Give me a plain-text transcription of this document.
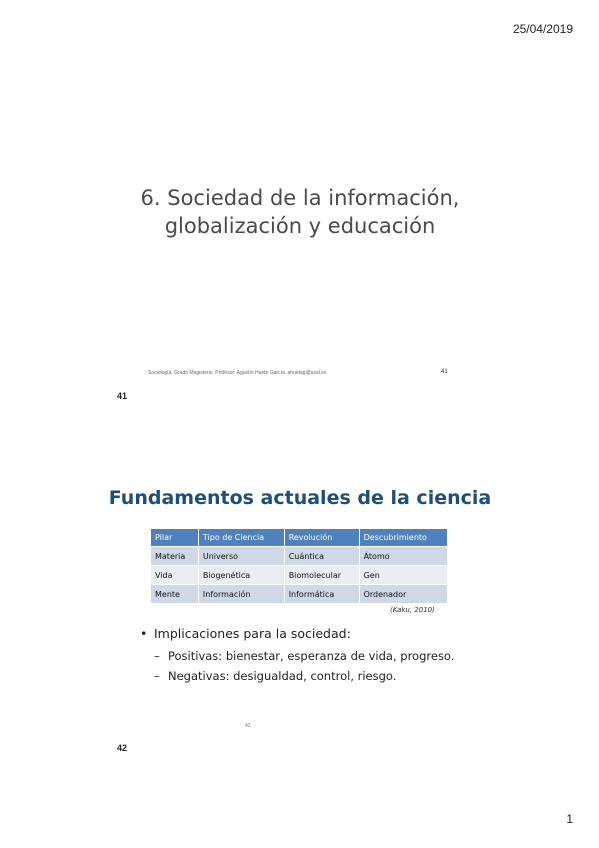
25/04/2019
6. Sociedad de la información,
globalización y educación
Sociología. Grado Magisterio. Profesor: Agustín Huete García. ahuetag@usal.es	41
41
Fundamentos actuales de la ciencia
Pilar	Tipo de Ciencia	Revolución	Descubrimiento
Materia	Universo	Cuántica	Átomo
Vida	Biogenética	Biomolecular	Gen
Mente	Información	Informática	Ordenador
(Kaku, 2010)
• Implicaciones para la sociedad:
– Positivas: bienestar, esperanza de vida, progreso.
– Negativas: desigualdad, control, riesgo.
42
42
1
